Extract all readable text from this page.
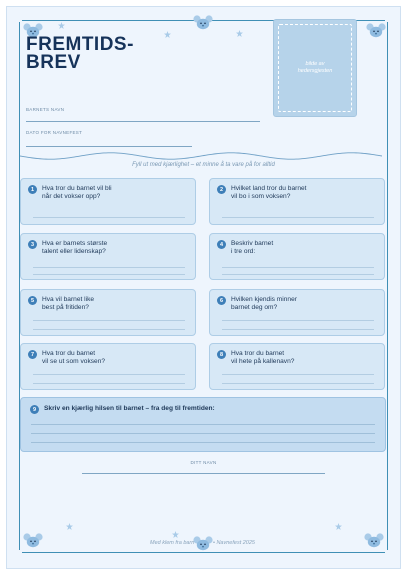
FREMTIDS-
BREV	bilde av hedersgjesten
BARNETS NAVN
DATO FOR NAVNEFEST
Fyll ut med kjærlighet – et minne å ta vare på for alltid
1	Hva tror du barnet vil bli
når det vokser opp?
2	Hvilket land tror du barnet
vil bo i som voksen?
3	Hva er barnets største
talent eller lidenskap?
4	Beskriv barnet
i tre ord:
5	Hva vil barnet like
best på fritiden?
6	Hvilken kjendis minner
barnet deg om?
7	Hva tror du barnet
vil se ut som voksen?
8	Hva tror du barnet
vil hete på kallenavn?
9	Skriv en kjærlig hilsen til barnet – fra deg til fremtiden:
DITT NAVN
Med klem fra barn	• Navnefest 2025
